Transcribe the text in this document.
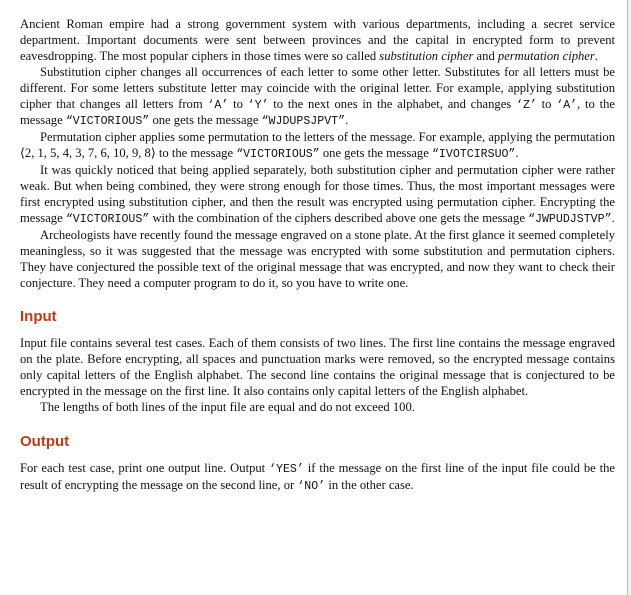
Ancient Roman empire had a strong government system with various departments, including a secret service department. Important documents were sent between provinces and the capital in encrypted form to prevent eavesdropping. The most popular ciphers in those times were so called substitution cipher and permutation cipher.

Substitution cipher changes all occurrences of each letter to some other letter. Substitutes for all letters must be different. For some letters substitute letter may coincide with the original letter. For example, applying substitution cipher that changes all letters from ‘A’ to ‘Y’ to the next ones in the alphabet, and changes ‘Z’ to ‘A’, to the message “VICTORIOUS” one gets the message “WJDUPSJPVT”.

Permutation cipher applies some permutation to the letters of the message. For example, applying the permutation ⟨2, 1, 5, 4, 3, 7, 6, 10, 9, 8⟩ to the message “VICTORIOUS” one gets the message “IVOTCIRSUO”.

It was quickly noticed that being applied separately, both substitution cipher and permutation cipher were rather weak. But when being combined, they were strong enough for those times. Thus, the most important messages were first encrypted using substitution cipher, and then the result was encrypted using permutation cipher. Encrypting the message “VICTORIOUS” with the combination of the ciphers described above one gets the message “JWPUDJSTVP”.

Archeologists have recently found the message engraved on a stone plate. At the first glance it seemed completely meaningless, so it was suggested that the message was encrypted with some substitution and permutation ciphers. They have conjectured the possible text of the original message that was encrypted, and now they want to check their conjecture. They need a computer program to do it, so you have to write one.

Input

Input file contains several test cases. Each of them consists of two lines. The first line contains the message engraved on the plate. Before encrypting, all spaces and punctuation marks were removed, so the encrypted message contains only capital letters of the English alphabet. The second line contains the original message that is conjectured to be encrypted in the message on the first line. It also contains only capital letters of the English alphabet.

The lengths of both lines of the input file are equal and do not exceed 100.

Output

For each test case, print one output line. Output ‘YES’ if the message on the first line of the input file could be the result of encrypting the message on the second line, or ‘NO’ in the other case.
